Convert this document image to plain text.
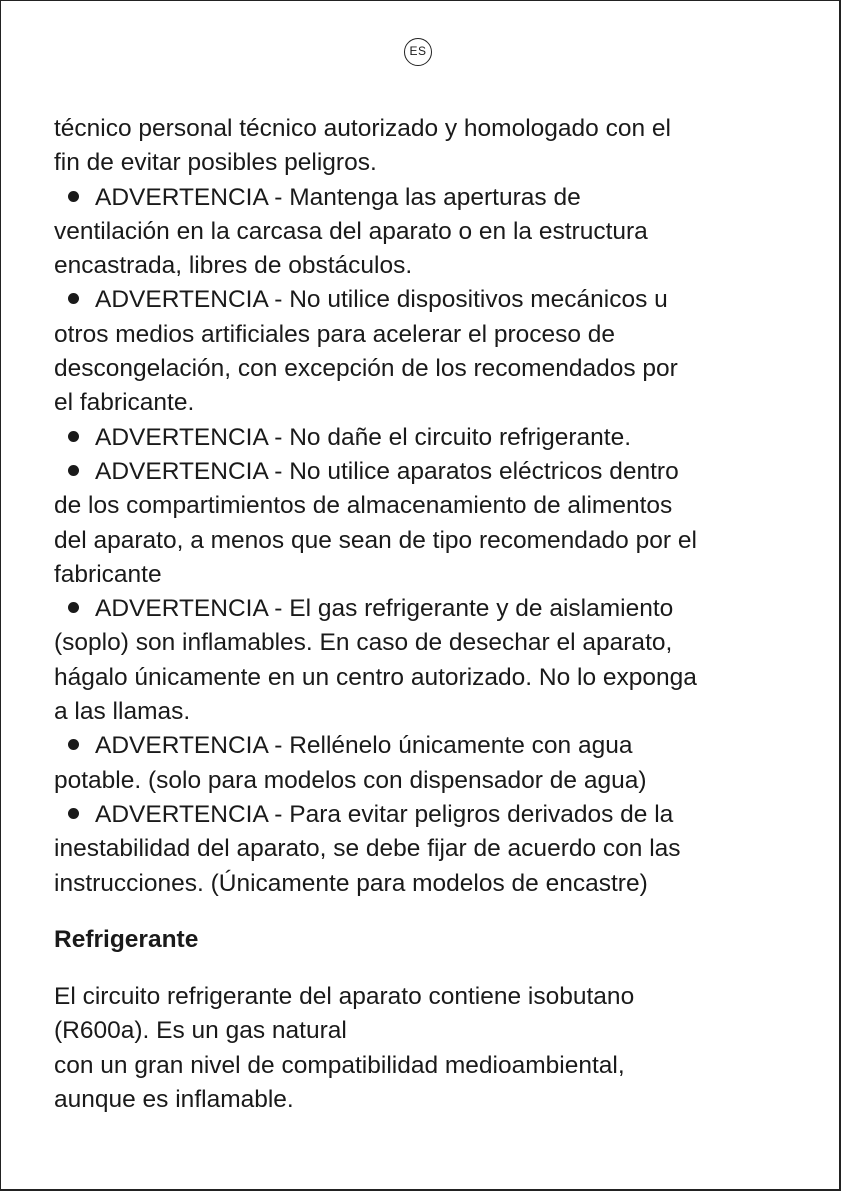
ES
técnico personal técnico autorizado y homologado con el
fin de evitar posibles peligros.
ADVERTENCIA - Mantenga las aperturas de
ventilación en la carcasa del aparato o en la estructura
encastrada, libres de obstáculos.
ADVERTENCIA - No utilice dispositivos mecánicos u
otros medios artificiales para acelerar el proceso de
descongelación, con excepción de los recomendados por
el fabricante.
ADVERTENCIA - No dañe el circuito refrigerante.
ADVERTENCIA - No utilice aparatos eléctricos dentro
de los compartimientos de almacenamiento de alimentos
del aparato, a menos que sean de tipo recomendado por el
fabricante
ADVERTENCIA - El gas refrigerante y de aislamiento
(soplo) son inflamables. En caso de desechar el aparato,
hágalo únicamente en un centro autorizado. No lo exponga
a las llamas.
ADVERTENCIA - Rellénelo únicamente con agua
potable. (solo para modelos con dispensador de agua)
ADVERTENCIA - Para evitar peligros derivados de la
inestabilidad del aparato, se debe fijar de acuerdo con las
instrucciones. (Únicamente para modelos de encastre)
Refrigerante
El circuito refrigerante del aparato contiene isobutano
(R600a). Es un gas natural
con un gran nivel de compatibilidad medioambiental,
aunque es inflamable.
